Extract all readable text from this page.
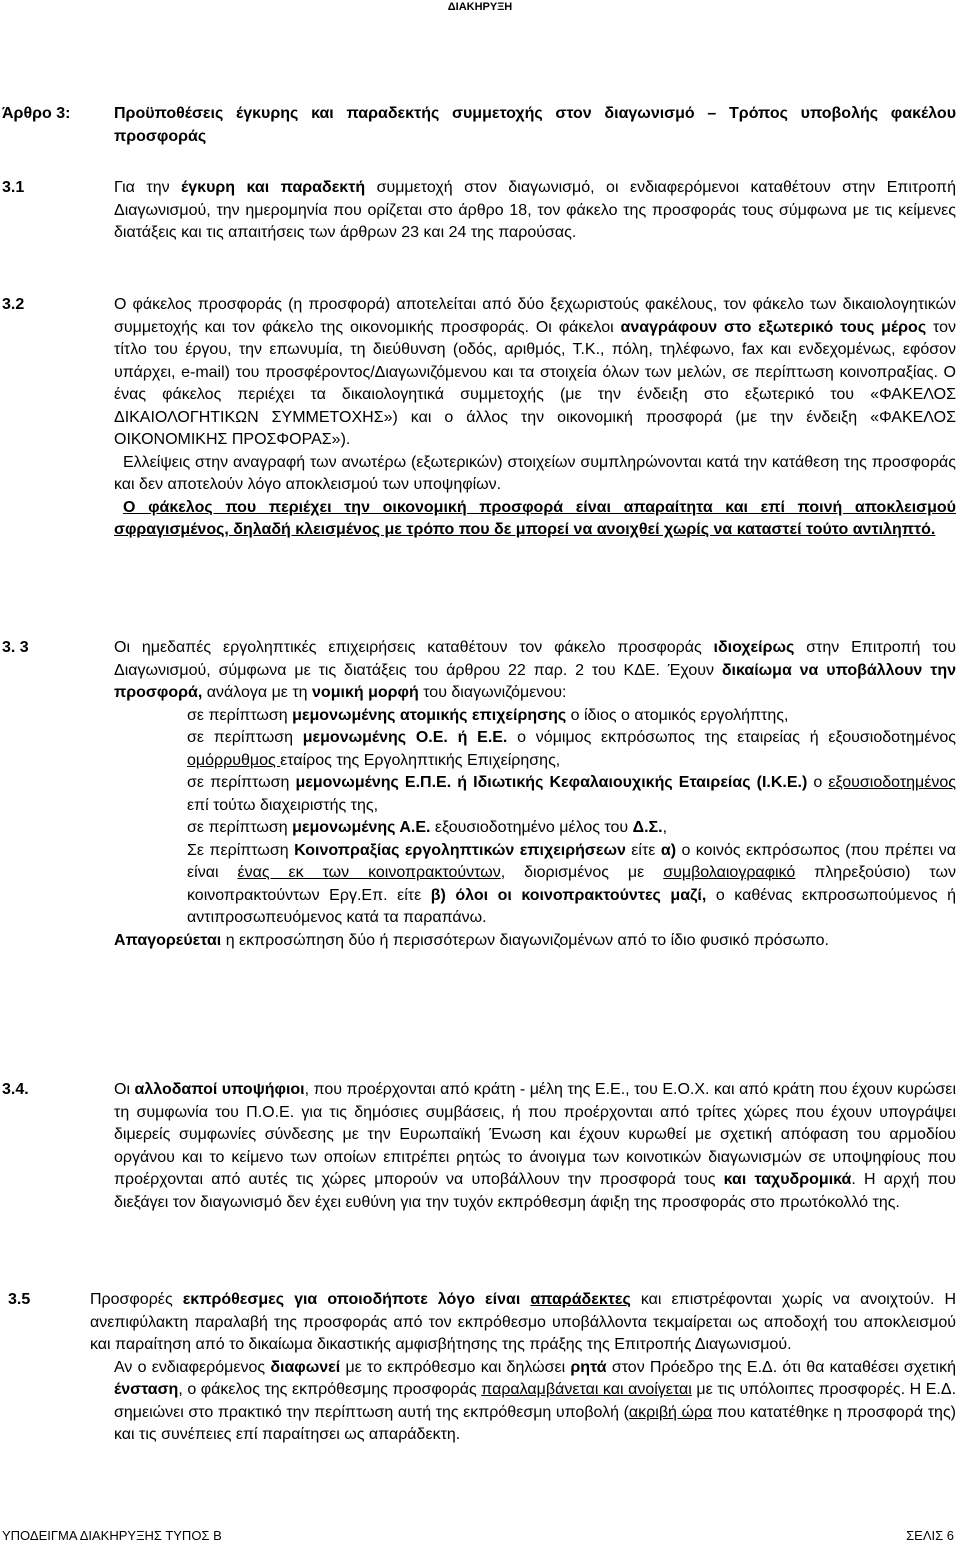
ΔΙΑΚΗΡΥΞΗ
Άρθρο 3:	Προϋποθέσεις έγκυρης και παραδεκτής συμμετοχής στον διαγωνισμό – Τρόπος υποβολής φακέλου προσφοράς
3.1	Για την έγκυρη και παραδεκτή συμμετοχή στον διαγωνισμό, οι ενδιαφερόμενοι καταθέτουν στην Επιτροπή Διαγωνισμού, την ημερομηνία που ορίζεται στο άρθρο 18, τον φάκελο της προσφοράς τους σύμφωνα με τις κείμενες διατάξεις και τις απαιτήσεις των άρθρων 23 και 24 της παρούσας.
3.2	Ο φάκελος προσφοράς (η προσφορά) αποτελείται από δύο ξεχωριστούς φακέλους, τον φάκελο των δικαιολογητικών συμμετοχής και τον φάκελο της οικονομικής προσφοράς. Οι φάκελοι αναγράφουν στο εξωτερικό τους μέρος τον τίτλο του έργου, την επωνυμία, τη διεύθυνση (οδός, αριθμός, Τ.Κ., πόλη, τηλέφωνο, fax και ενδεχομένως, εφόσον υπάρχει, e-mail) του προσφέροντος/Διαγωνιζόμενου και τα στοιχεία όλων των μελών, σε περίπτωση κοινοπραξίας. Ο ένας φάκελος περιέχει τα δικαιολογητικά συμμετοχής (με την ένδειξη στο εξωτερικό του «ΦΑΚΕΛΟΣ ΔΙΚΑΙΟΛΟΓΗΤΙΚΩΝ ΣΥΜΜΕΤΟΧΗΣ») και ο άλλος την οικονομική προσφορά (με την ένδειξη «ΦΑΚΕΛΟΣ ΟΙΚΟΝΟΜΙΚΗΣ ΠΡΟΣΦΟΡΑΣ»).
Ελλείψεις στην αναγραφή των ανωτέρω (εξωτερικών) στοιχείων συμπληρώνονται κατά την κατάθεση της προσφοράς και δεν αποτελούν λόγο αποκλεισμού των υποψηφίων.
Ο φάκελος που περιέχει την οικονομική προσφορά είναι απαραίτητα και επί ποινή αποκλεισμού σφραγισμένος, δηλαδή κλεισμένος με τρόπο που δε μπορεί να ανοιχθεί χωρίς να καταστεί τούτο αντιληπτό.
3. 3	Οι ημεδαπές εργοληπτικές επιχειρήσεις καταθέτουν τον φάκελο προσφοράς ιδιοχείρως στην Επιτροπή του Διαγωνισμού, σύμφωνα με τις διατάξεις του άρθρου 22 παρ. 2 του ΚΔΕ. Έχουν δικαίωμα να υποβάλλουν την προσφορά, ανάλογα με τη νομική μορφή του διαγωνιζόμενου:
σε περίπτωση μεμονωμένης ατομικής επιχείρησης ο ίδιος ο ατομικός εργολήπτης,
σε περίπτωση μεμονωμένης Ο.Ε. ή Ε.Ε. ο νόμιμος εκπρόσωπος της εταιρείας ή εξουσιοδοτημένος ομόρρυθμος εταίρος της Εργοληπτικής Επιχείρησης,
σε περίπτωση μεμονωμένης Ε.Π.Ε. ή Ιδιωτικής Κεφαλαιουχικής Εταιρείας (Ι.Κ.Ε.) ο εξουσιοδοτημένος επί τούτω διαχειριστής της,
σε περίπτωση μεμονωμένης Α.Ε. εξουσιοδοτημένο μέλος του Δ.Σ.,
Σε περίπτωση Κοινοπραξίας εργοληπτικών επιχειρήσεων είτε α) ο κοινός εκπρόσωπος (που πρέπει να είναι ένας εκ των κοινοπρακτούντων, διορισμένος με συμβολαιογραφικό πληρεξούσιο) των κοινοπρακτούντων Εργ.Επ. είτε β) όλοι οι κοινοπρακτούντες μαζί, ο καθένας εκπροσωπούμενος ή αντιπροσωπευόμενος κατά τα παραπάνω.
Απαγορεύεται η εκπροσώπηση δύο ή περισσότερων διαγωνιζομένων από το ίδιο φυσικό πρόσωπο.
3.4.	Οι αλλοδαποί υποψήφιοι, που προέρχονται από κράτη - μέλη της Ε.Ε., του Ε.Ο.Χ. και από κράτη που έχουν κυρώσει τη συμφωνία του Π.Ο.Ε. για τις δημόσιες συμβάσεις, ή που προέρχονται από τρίτες χώρες που έχουν υπογράψει διμερείς συμφωνίες σύνδεσης με την Ευρωπαϊκή Ένωση και έχουν κυρωθεί με σχετική απόφαση του αρμοδίου οργάνου και το κείμενο των οποίων επιτρέπει ρητώς το άνοιγμα των κοινοτικών διαγωνισμών σε υποψηφίους που προέρχονται από αυτές τις χώρες μπορούν να υποβάλλουν την προσφορά τους και ταχυδρομικά. Η αρχή που διεξάγει τον διαγωνισμό δεν έχει ευθύνη για την τυχόν εκπρόθεσμη άφιξη της προσφοράς στο πρωτόκολλό της.
3.5	Προσφορές εκπρόθεσμες για οποιοδήποτε λόγο είναι απαράδεκτες και επιστρέφονται χωρίς να ανοιχτούν. Η ανεπιφύλακτη παραλαβή της προσφοράς από τον εκπρόθεσμο υποβάλλοντα τεκμαίρεται ως αποδοχή του αποκλεισμού και παραίτηση από το δικαίωμα δικαστικής αμφισβήτησης της πράξης της Επιτροπής Διαγωνισμού.
Αν ο ενδιαφερόμενος διαφωνεί με το εκπρόθεσμο και δηλώσει ρητά στον Πρόεδρο της Ε.Δ. ότι θα καταθέσει σχετική ένσταση, ο φάκελος της εκπρόθεσμης προσφοράς παραλαμβάνεται και ανοίγεται με τις υπόλοιπες προσφορές. Η Ε.Δ. σημειώνει στο πρακτικό την περίπτωση αυτή της εκπρόθεσμη υποβολή (ακριβή ώρα που κατατέθηκε η προσφορά της) και τις συνέπειες επί παραίτησει ως απαράδεκτη.
ΥΠΟΔΕΙΓΜΑ ΔΙΑΚΗΡΥΞΗΣ ΤΥΠΟΣ Β	ΣΕΛΙΣ 6
